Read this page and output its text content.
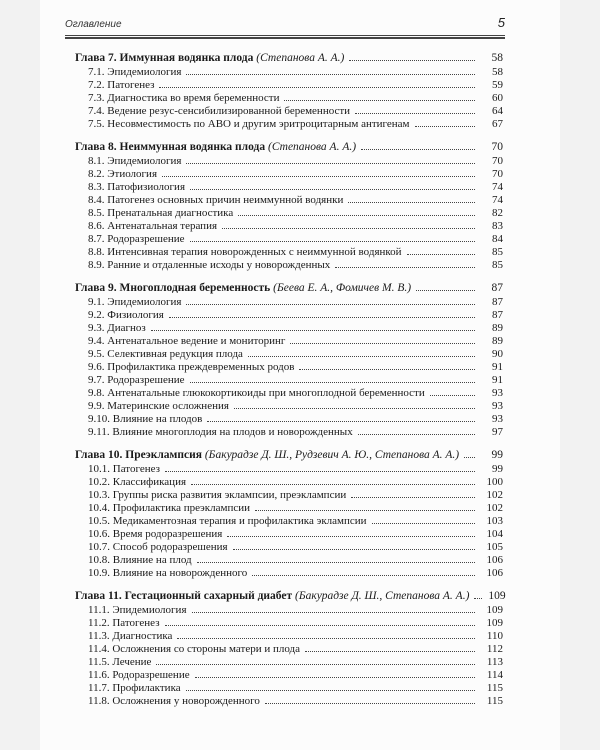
Оглавление	5
Глава 7. Иммунная водянка плода (Степанова А. А.)	58
7.1. Эпидемиология	58
7.2. Патогенез	59
7.3. Диагностика во время беременности	60
7.4. Ведение резус-сенсибилизированной беременности	64
7.5. Несовместимость по АВО и другим эритроцитарным антигенам	67
Глава 8. Неиммунная водянка плода (Степанова А. А.)	70
8.1. Эпидемиология	70
8.2. Этиология	70
8.3. Патофизиология	74
8.4. Патогенез основных причин неиммунной водянки	74
8.5. Пренатальная диагностика	82
8.6. Антенатальная терапия	83
8.7. Родоразрешение	84
8.8. Интенсивная терапия новорожденных с неиммунной водянкой	85
8.9. Ранние и отдаленные исходы у новорожденных	85
Глава 9. Многоплодная беременность (Беева Е. А., Фомичев М. В.)	87
9.1. Эпидемиология	87
9.2. Физиология	87
9.3. Диагноз	89
9.4. Антенатальное ведение и мониторинг	89
9.5. Селективная редукция плода	90
9.6. Профилактика преждевременных родов	91
9.7. Родоразрешение	91
9.8. Антенатальные глюкокортикоиды при многоплодной беременности	93
9.9. Материнские осложнения	93
9.10. Влияние на плодов	93
9.11. Влияние многоплодия на плодов и новорожденных	97
Глава 10. Преэклампсия (Бакурадзе Д. Ш., Рудзевич А. Ю., Степанова А. А.)	99
10.1. Патогенез	99
10.2. Классификация	100
10.3. Группы риска развития эклампсии, преэклампсии	102
10.4. Профилактика преэклампсии	102
10.5. Медикаментозная терапия и профилактика эклампсии	103
10.6. Время родоразрешения	104
10.7. Способ родоразрешения	105
10.8. Влияние на плод	106
10.9. Влияние на новорожденного	106
Глава 11. Гестационный сахарный диабет (Бакурадзе Д. Ш., Степанова А. А.) 109
11.1. Эпидемиология	109
11.2. Патогенез	109
11.3. Диагностика	110
11.4. Осложнения со стороны матери и плода	112
11.5. Лечение	113
11.6. Родоразрешение	114
11.7. Профилактика	115
11.8. Осложнения у новорожденного	115
